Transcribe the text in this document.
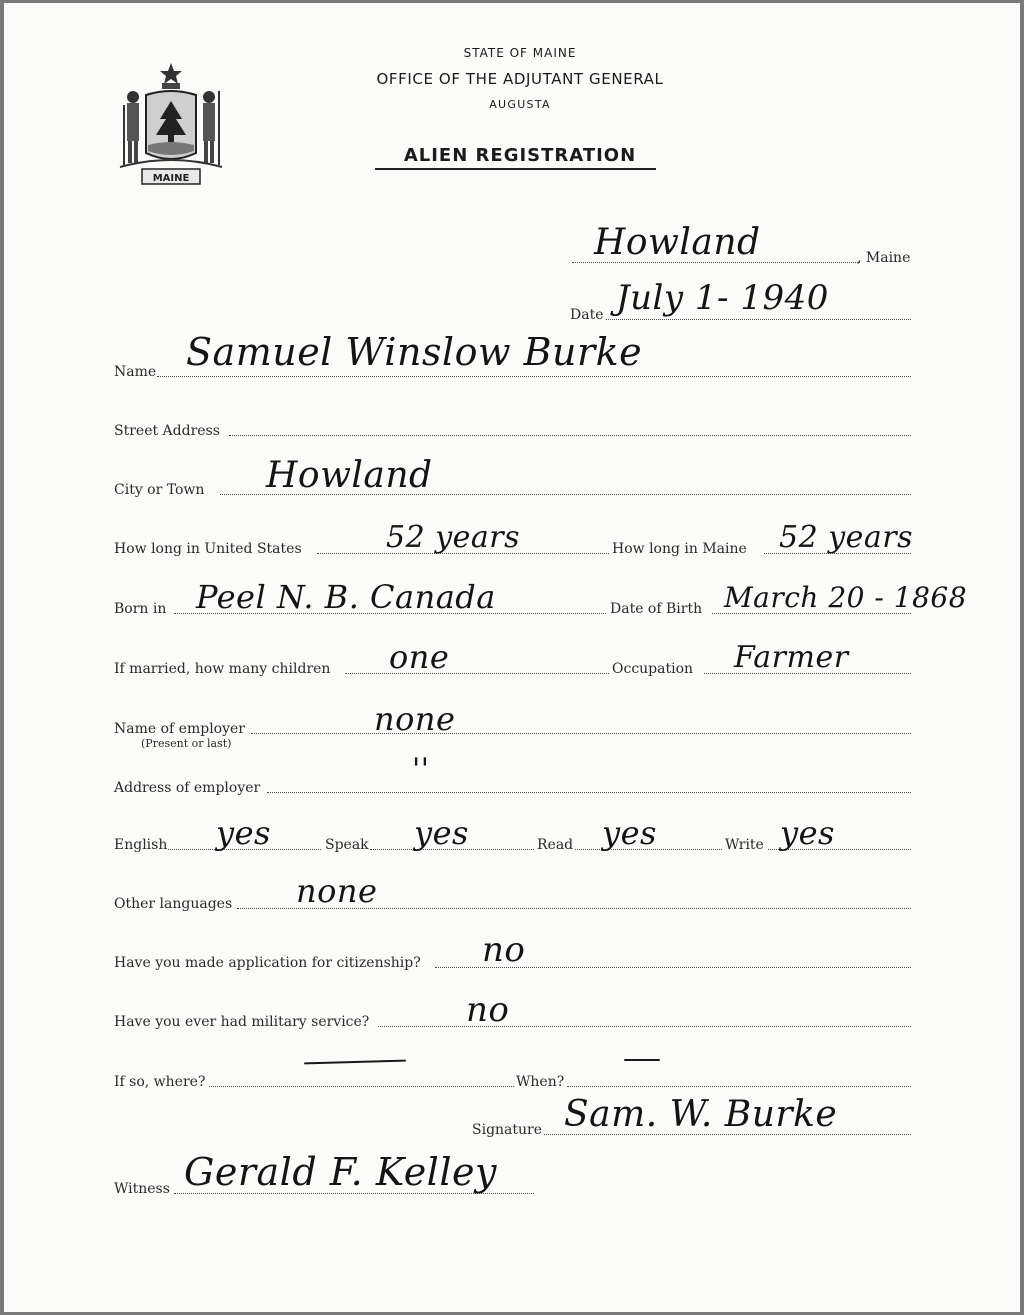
MAINE
STATE OF MAINE
OFFICE OF THE ADJUTANT GENERAL
AUGUSTA
ALIEN REGISTRATION
Howland	, Maine
Date July 1- 1940
Name Samuel Winslow Burke
Street Address
City or Town Howland
How long in United States	52 years	How long in Maine 52 years
Born in Peel N. B. Canada	Date of Birth March 20 - 1868
If married, how many children one	Occupation Farmer
Name of employer
(Present or last)
none
Address of employer
''
English yes	Speak yes	Read yes	Write yes
Other languages none
Have you made application for citizenship? no
Have you ever had military service?	no
If so, where?	When?
Signature Sam. W. Burke
Witness Gerald F. Kelley
